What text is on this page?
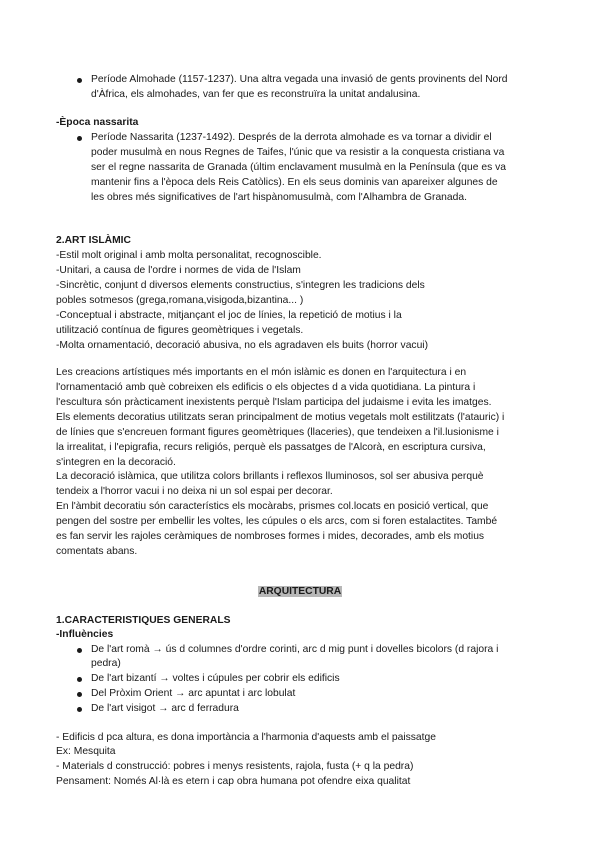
Període Almohade (1157-1237). Una altra vegada una invasió de gents provinents del Nord
d'Àfrica, els almohades, van fer que es reconstruïra la unitat andalusina.
-Època nassarita
Període Nassarita (1237-1492). Després de la derrota almohade es va tornar a dividir el
poder musulmà en nous Regnes de Taifes, l'únic que va resistir a la conquesta cristiana va
ser el regne nassarita de Granada (últim enclavament musulmà en la Península (que es va
mantenir fins a l'època dels Reis Catòlics). En els seus dominis van apareixer algunes de
les obres més significatives de l'art hispànomusulmà, com l'Alhambra de Granada.
2.ART ISLÀMIC
-Estil molt original i amb molta personalitat, recognoscible.
-Unitari, a causa de l'ordre i normes de vida de l'Islam
-Sincrètic, conjunt d diversos elements constructius, s'integren les tradicions dels
pobles sotmesos (grega,romana,visigoda,bizantina... )
-Conceptual i abstracte, mitjançant el joc de línies, la repetició de motius i la
utilització contínua de figures geomètriques i vegetals.
-Molta ornamentació, decoració abusiva, no els agradaven els buits (horror vacui)
Les creacions artístiques més importants en el món islàmic es donen en l'arquitectura i en
l'ornamentació amb què cobreixen els edificis o els objectes d a vida quotidiana. La pintura i
l'escultura són pràcticament inexistents perquè l'Islam participa del judaisme i evita les imatges.
Els elements decoratius utilitzats seran principalment de motius vegetals molt estilitzats (l'atauric) i
de línies que s'encreuen formant figures geomètriques (llaceries), que tendeixen a l'il.lusionisme i
la irrealitat, i l'epigrafia, recurs religiós, perquè els passatges de l'Alcorà, en escriptura cursiva,
s'integren en la decoració.
La decoració islàmica, que utilitza colors brillants i reflexos lluminosos, sol ser abusiva perquè
tendeix a l'horror vacui i no deixa ni un sol espai per decorar.
En l'àmbit decoratiu són característics els mocàrabs, prismes col.locats en posició vertical, que
pengen del sostre per embellir les voltes, les cúpules o els arcs, com si foren estalactites. També
es fan servir les rajoles ceràmiques de nombroses formes i mides, decorades, amb els motius
comentats abans.
ARQUITECTURA
1.CARACTERISTIQUES GENERALS
-Influències
De l'art romà → ús d columnes d'ordre corinti, arc d mig punt i dovelles bicolors (d rajora i
pedra)
De l'art bizantí → voltes i cúpules per cobrir els edificis
Del Pròxim Orient → arc apuntat i arc lobulat
De l'art visigot → arc d ferradura
- Edificis d pca altura, es dona importància a l'harmonia d'aquests amb el paissatge
Ex: Mesquita
- Materials d construcció: pobres i menys resistents, rajola, fusta (+ q la pedra)
Pensament: Només Al·là es etern i cap obra humana pot ofendre eixa qualitat
